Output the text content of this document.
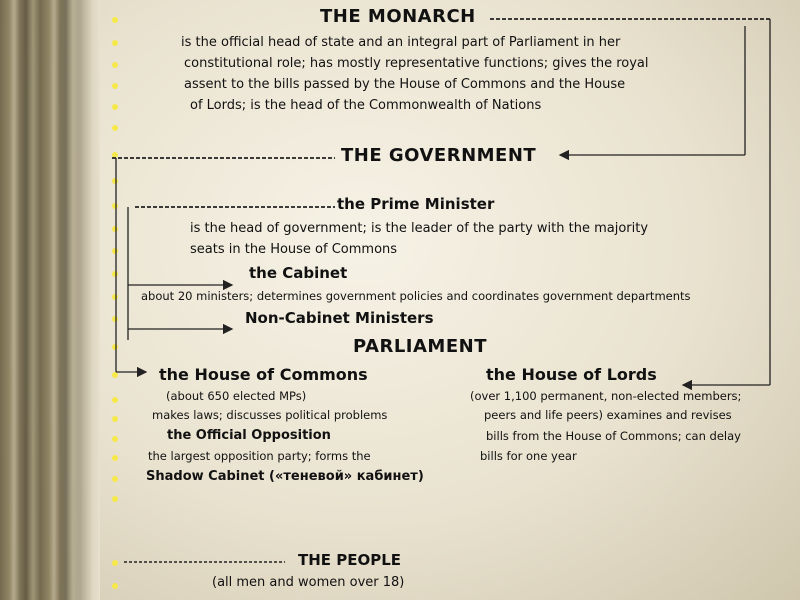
THE MONARCH
is the official head of state and an integral part of Parliament in her
constitutional role; has mostly representative functions; gives the royal
assent to the bills passed by the House of Commons and the House
of Lords; is the head of the Commonwealth of Nations
THE GOVERNMENT
the Prime Minister
is the head of government; is the leader of the party with the majority
seats in the House of Commons
the Cabinet
about 20 ministers; determines government policies and coordinates government departments
Non-Cabinet Ministers
PARLIAMENT
the House of Commons	the House of Lords
(about 650 elected MPs)
makes laws; discusses political problems
the Official Opposition
the largest opposition party; forms the
Shadow Cabinet («теневой» кабинет)
(over 1,100 permanent, non-elected members;
peers and life peers) examines and revises
bills from the House of Commons; can delay
bills for one year
THE PEOPLE
(all men and women over 18)
